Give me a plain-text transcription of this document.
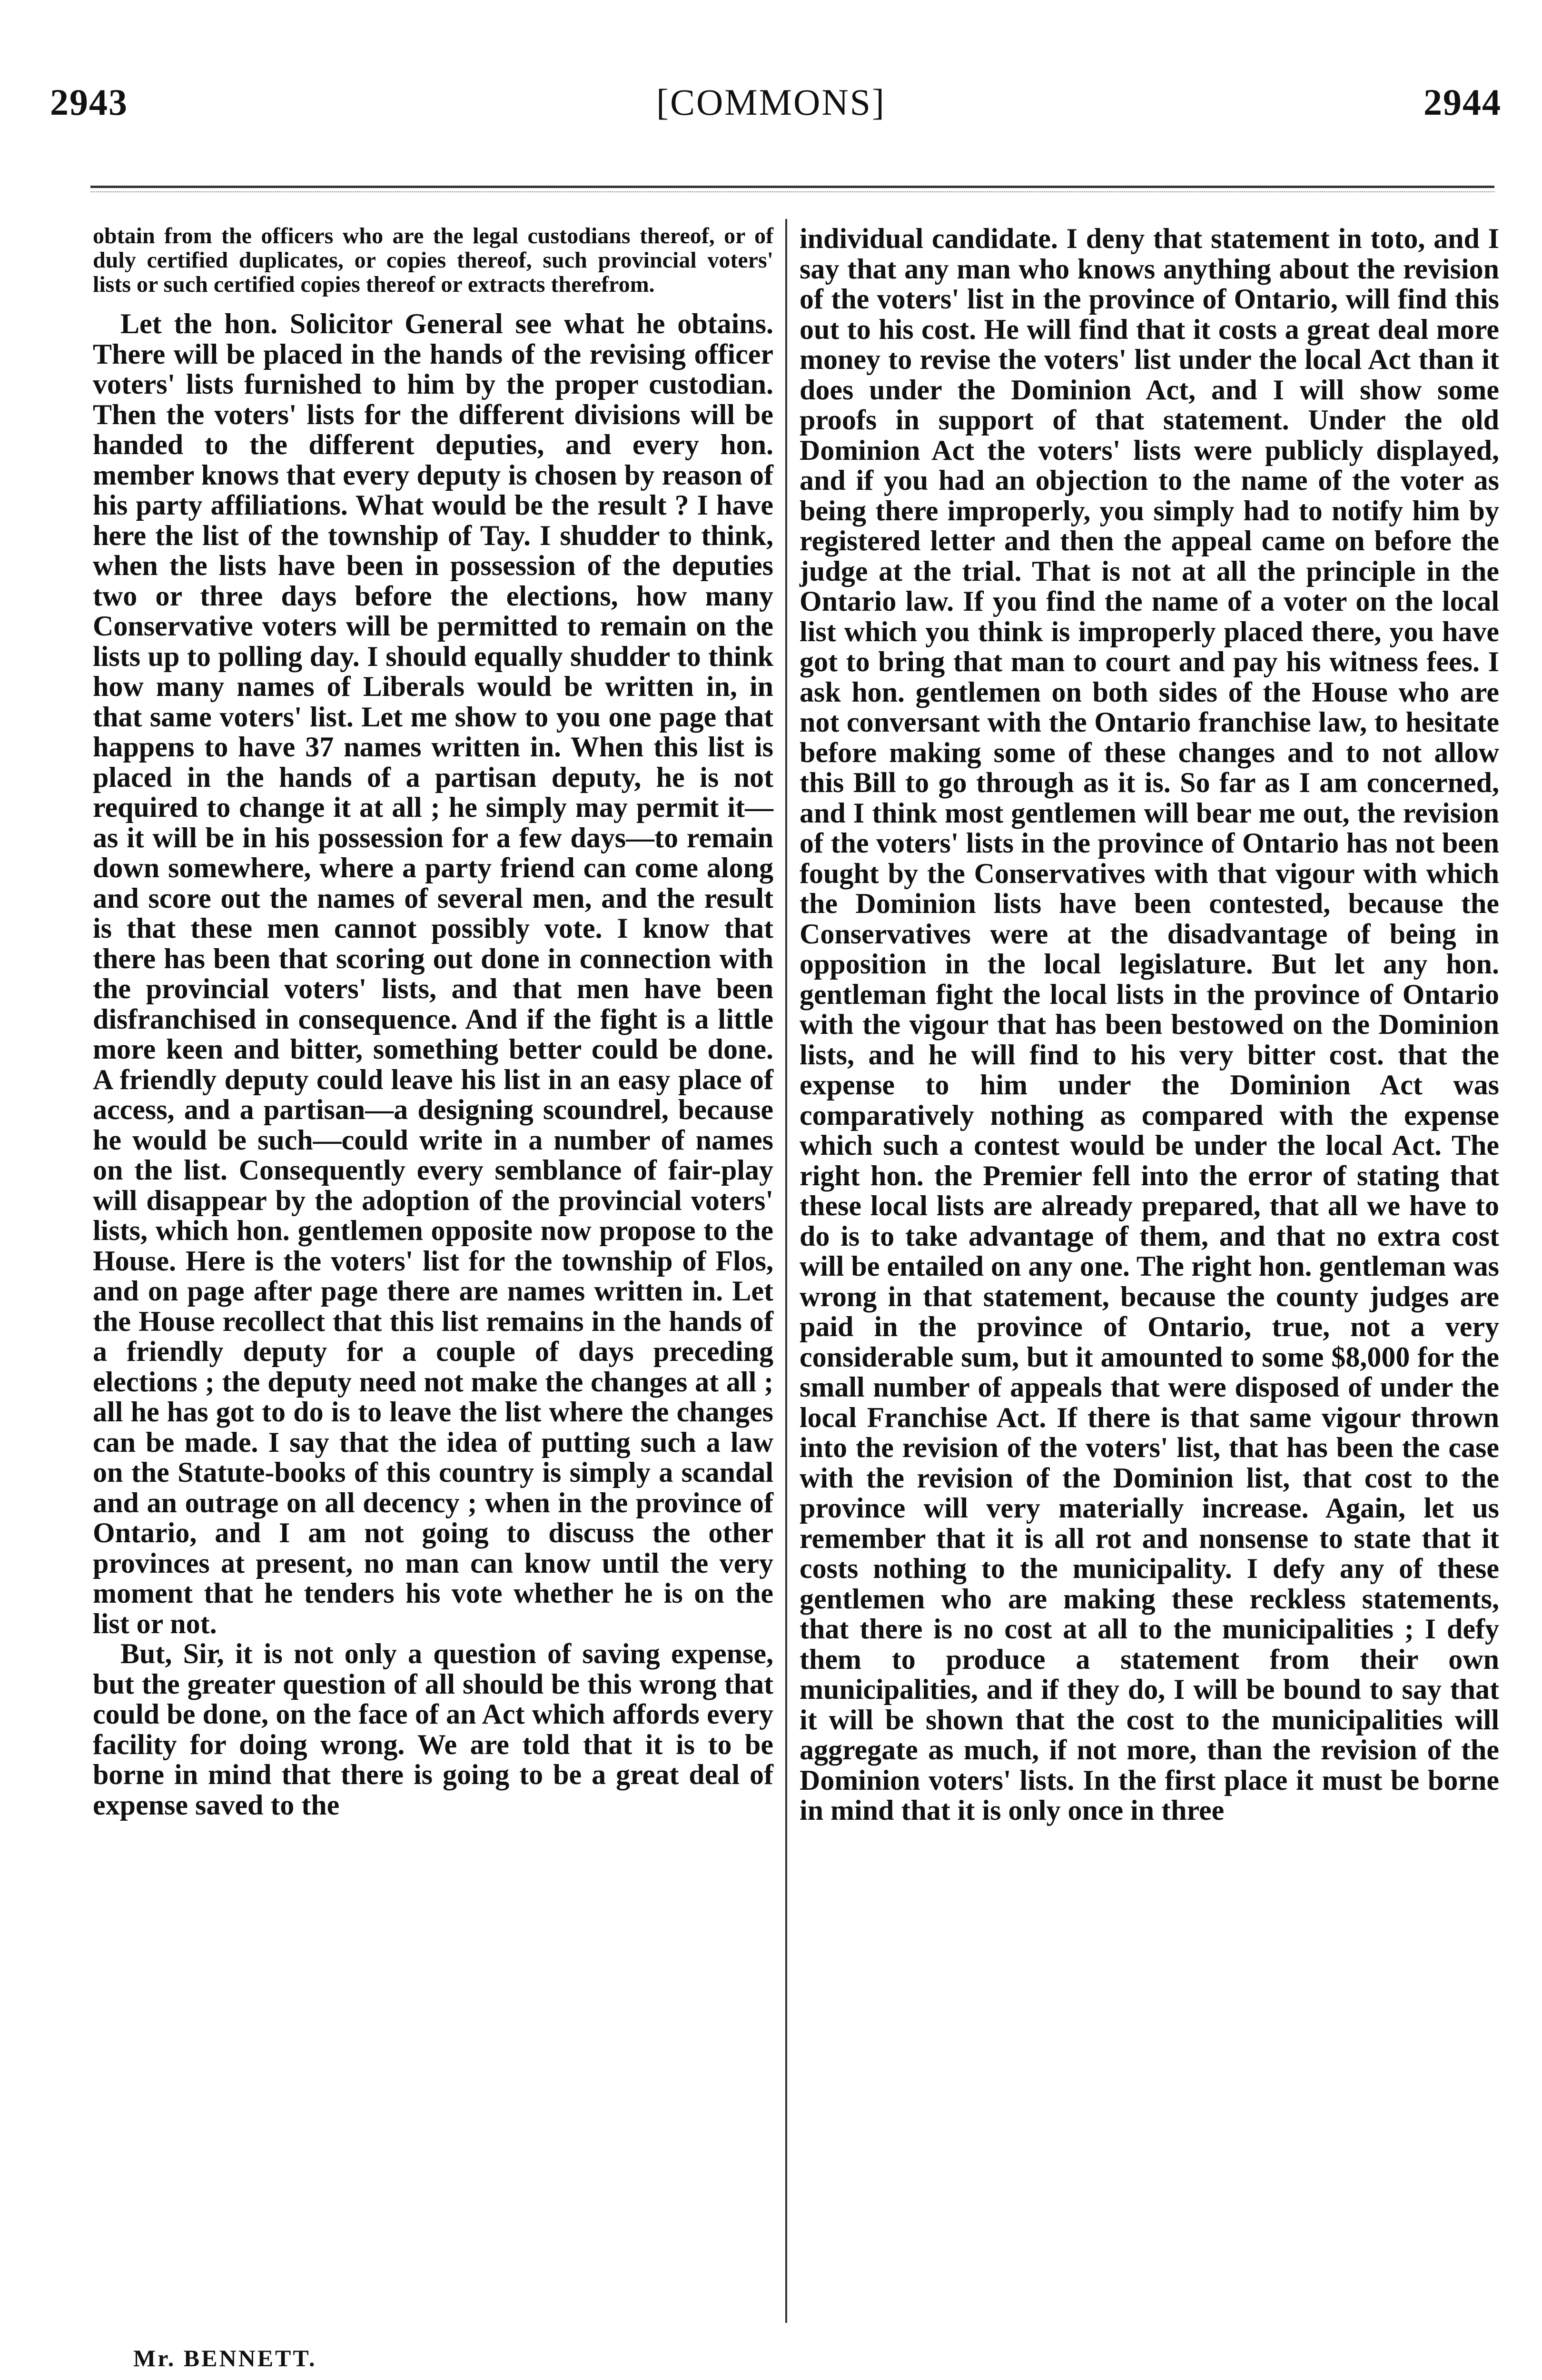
2943	[COMMONS]	2944

obtain from the officers who are the legal custodians thereof, or of duly certified duplicates, or copies thereof, such provincial voters' lists or such certified copies thereof or extracts therefrom.

Let the hon. Solicitor General see what he obtains. There will be placed in the hands of the revising officer voters' lists furnished to him by the proper custodian. Then the voters' lists for the different divisions will be handed to the different deputies, and every hon. member knows that every deputy is chosen by reason of his party affiliations. What would be the result ? I have here the list of the township of Tay. I shudder to think, when the lists have been in possession of the deputies two or three days before the elections, how many Conservative voters will be permitted to remain on the lists up to polling day. I should equally shudder to think how many names of Liberals would be written in, in that same voters' list. Let me show to you one page that happens to have 37 names written in. When this list is placed in the hands of a partisan deputy, he is not required to change it at all ; he simply may permit it—as it will be in his possession for a few days—to remain down somewhere, where a party friend can come along and score out the names of several men, and the result is that these men cannot possibly vote. I know that there has been that scoring out done in connection with the provincial voters' lists, and that men have been disfranchised in consequence. And if the fight is a little more keen and bitter, something better could be done. A friendly deputy could leave his list in an easy place of access, and a partisan—a designing scoundrel, because he would be such—could write in a number of names on the list. Consequently every semblance of fair-play will disappear by the adoption of the provincial voters' lists, which hon. gentlemen opposite now propose to the House. Here is the voters' list for the township of Flos, and on page after page there are names written in. Let the House recollect that this list remains in the hands of a friendly deputy for a couple of days preceding elections ; the deputy need not make the changes at all ; all he has got to do is to leave the list where the changes can be made. I say that the idea of putting such a law on the Statute-books of this country is simply a scandal and an outrage on all decency ; when in the province of Ontario, and I am not going to discuss the other provinces at present, no man can know until the very moment that he tenders his vote whether he is on the list or not.

But, Sir, it is not only a question of saving expense, but the greater question of all should be this wrong that could be done, on the face of an Act which affords every facility for doing wrong. We are told that it is to be borne in mind that there is going to be a great deal of expense saved to the

individual candidate. I deny that statement in toto, and I say that any man who knows anything about the revision of the voters' list in the province of Ontario, will find this out to his cost. He will find that it costs a great deal more money to revise the voters' list under the local Act than it does under the Dominion Act, and I will show some proofs in support of that statement. Under the old Dominion Act the voters' lists were publicly displayed, and if you had an objection to the name of the voter as being there improperly, you simply had to notify him by registered letter and then the appeal came on before the judge at the trial. That is not at all the principle in the Ontario law. If you find the name of a voter on the local list which you think is improperly placed there, you have got to bring that man to court and pay his witness fees. I ask hon. gentlemen on both sides of the House who are not conversant with the Ontario franchise law, to hesitate before making some of these changes and to not allow this Bill to go through as it is. So far as I am concerned, and I think most gentlemen will bear me out, the revision of the voters' lists in the province of Ontario has not been fought by the Conservatives with that vigour with which the Dominion lists have been contested, because the Conservatives were at the disadvantage of being in opposition in the local legislature. But let any hon. gentleman fight the local lists in the province of Ontario with the vigour that has been bestowed on the Dominion lists, and he will find to his very bitter cost. that the expense to him under the Dominion Act was comparatively nothing as compared with the expense which such a contest would be under the local Act. The right hon. the Premier fell into the error of stating that these local lists are already prepared, that all we have to do is to take advantage of them, and that no extra cost will be entailed on any one. The right hon. gentleman was wrong in that statement, because the county judges are paid in the province of Ontario, true, not a very considerable sum, but it amounted to some $8,000 for the small number of appeals that were disposed of under the local Franchise Act. If there is that same vigour thrown into the revision of the voters' list, that has been the case with the revision of the Dominion list, that cost to the province will very materially increase. Again, let us remember that it is all rot and nonsense to state that it costs nothing to the municipality. I defy any of these gentlemen who are making these reckless statements, that there is no cost at all to the municipalities ; I defy them to produce a statement from their own municipalities, and if they do, I will be bound to say that it will be shown that the cost to the municipalities will aggregate as much, if not more, than the revision of the Dominion voters' lists. In the first place it must be borne in mind that it is only once in three

Mr. BENNETT.
